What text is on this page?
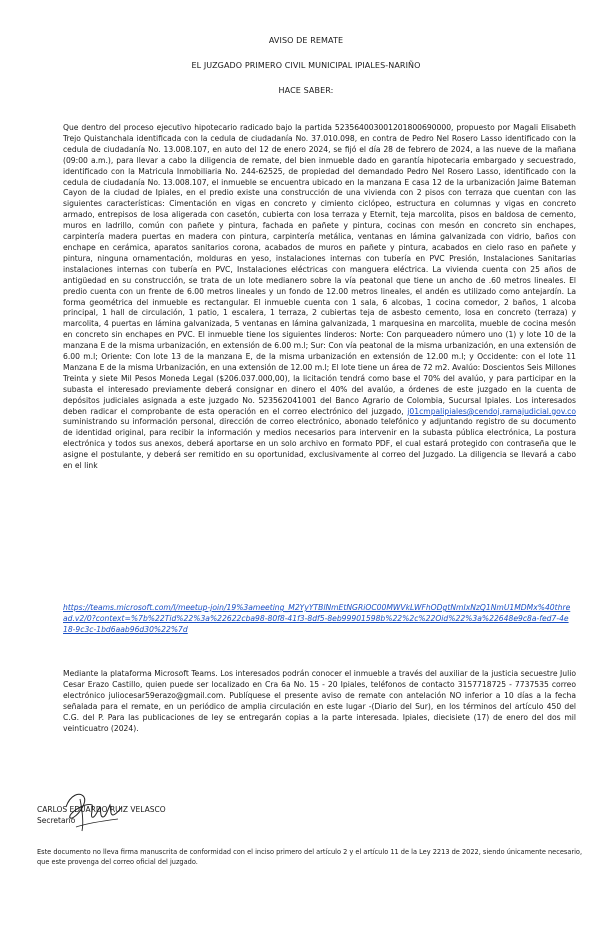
AVISO DE REMATE
EL JUZGADO PRIMERO CIVIL MUNICIPAL IPIALES-NARIÑO
HACE SABER:
Que dentro del proceso ejecutivo hipotecario radicado bajo la partida 523564003001201800690000, propuesto por Magali Elisabeth Trejo Quistanchala identificada con la cedula de ciudadanía No. 37.010.098, en contra de Pedro Nel Rosero Lasso identificado con la cedula de ciudadanía No. 13.008.107, en auto del 12 de enero 2024, se fijó el día 28 de febrero de 2024, a las nueve de la mañana (09:00 a.m.), para llevar a cabo la diligencia de remate, del bien inmueble dado en garantía hipotecaria embargado y secuestrado, identificado con la Matricula Inmobiliaria No. 244-62525, de propiedad del demandado Pedro Nel Rosero Lasso, identificado con la cedula de ciudadanía No. 13.008.107, el inmueble se encuentra ubicado en la manzana E casa 12 de la urbanización Jaime Bateman Cayon de la ciudad de Ipiales, en el predio existe una construcción de una vivienda con 2 pisos con terraza que cuentan con las siguientes características: Cimentación en vigas en concreto y cimiento ciclópeo, estructura en columnas y vigas en concreto armado, entrepisos de losa aligerada con casetón, cubierta con losa terraza y Eternit, teja marcolita, pisos en baldosa de cemento, muros en ladrillo, común con pañete y pintura, fachada en pañete y pintura, cocinas con mesón en concreto sin enchapes, carpintería madera puertas en madera con pintura, carpintería metálica, ventanas en lámina galvanizada con vidrio, baños con enchape en cerámica, aparatos sanitarios corona, acabados de muros en pañete y pintura, acabados en cielo raso en pañete y pintura, ninguna ornamentación, molduras en yeso, instalaciones internas con tubería en PVC Presión, Instalaciones Sanitarias instalaciones internas con tubería en PVC, Instalaciones eléctricas con manguera eléctrica. La vivienda cuenta con 25 años de antigüedad en su construcción, se trata de un lote medianero sobre la vía peatonal que tiene un ancho de .60 metros lineales. El predio cuenta con un frente de 6.00 metros lineales y un fondo de 12.00 metros lineales, el andén es utilizado como antejardín. La forma geométrica del inmueble es rectangular. El inmueble cuenta con 1 sala, 6 alcobas, 1 cocina comedor, 2 baños, 1 alcoba principal, 1 hall de circulación, 1 patio, 1 escalera, 1 terraza, 2 cubiertas teja de asbesto cemento, losa en concreto (terraza) y marcolita, 4 puertas en lámina galvanizada, 5 ventanas en lámina galvanizada, 1 marquesina en marcolita, mueble de cocina mesón en concreto sin enchapes en PVC. El inmueble tiene los siguientes linderos: Norte: Con parqueadero número uno (1) y lote 10 de la manzana E de la misma urbanización, en extensión de 6.00 m.l; Sur: Con vía peatonal de la misma urbanización, en una extensión de 6.00 m.l; Oriente: Con lote 13 de la manzana E, de la misma urbanización en extensión de 12.00 m.l; y Occidente: con el lote 11 Manzana E de la misma Urbanización, en una extensión de 12.00 m.l; El lote tiene un área de 72 m2. Avalúo: Doscientos Seis Millones Treinta y siete Mil Pesos Moneda Legal ($206.037.000,00), la licitación tendrá como base el 70% del avalúo, y para participar en la subasta el interesado previamente deberá consignar en dinero el 40% del avalúo, a órdenes de este juzgado en la cuenta de depósitos judiciales asignada a este juzgado No. 523562041001 del Banco Agrario de Colombia, Sucursal Ipiales. Los interesados deben radicar el comprobante de esta operación en el correo electrónico del juzgado, j01cmpalipiales@cendoj.ramajudicial.gov.co suministrando su información personal, dirección de correo electrónico, abonado telefónico y adjuntando registro de su documento de identidad original, para recibir la información y medios necesarios para intervenir en la subasta pública electrónica, La postura electrónica y todos sus anexos, deberá aportarse en un solo archivo en formato PDF, el cual estará protegido con contraseña que le asigne el postulante, y deberá ser remitido en su oportunidad, exclusivamente al correo del Juzgado. La diligencia se llevará a cabo en el link
https://teams.microsoft.com/l/meetup-join/19%3ameeting_M2YyYTBlNmEtNGRiOC00MWVkLWFhODgtNmIxNzQ1NmU1MDMx%40thread.v2/0?context=%7b%22Tid%22%3a%22622cba98-80f8-41f3-8df5-8eb99901598b%22%2c%22Oid%22%3a%22648e9c8a-fed7-4e18-9c3c-1bd6aab96d30%22%7d
Mediante la plataforma Microsoft Teams. Los interesados podrán conocer el inmueble a través del auxiliar de la justicia secuestre Julio Cesar Erazo Castillo, quien puede ser localizado en Cra 6a No. 15 - 20 Ipiales, teléfonos de contacto 3157718725 - 7737535 correo electrónico juliocesar59erazo@gmail.com. Publíquese el presente aviso de remate con antelación NO inferior a 10 días a la fecha señalada para el remate, en un periódico de amplia circulación en este lugar -(Diario del Sur), en los términos del artículo 450 del C.G. del P. Para las publicaciones de ley se entregarán copias a la parte interesada. Ipiales, diecisiete (17) de enero del dos mil veinticuatro (2024).
CARLOS EDUARDO RUIZ VELASCO
Secretario
Este documento no lleva firma manuscrita de conformidad con el inciso primero del artículo 2 y el artículo 11 de la Ley 2213 de 2022, siendo únicamente necesario, que este provenga del correo oficial del juzgado.
